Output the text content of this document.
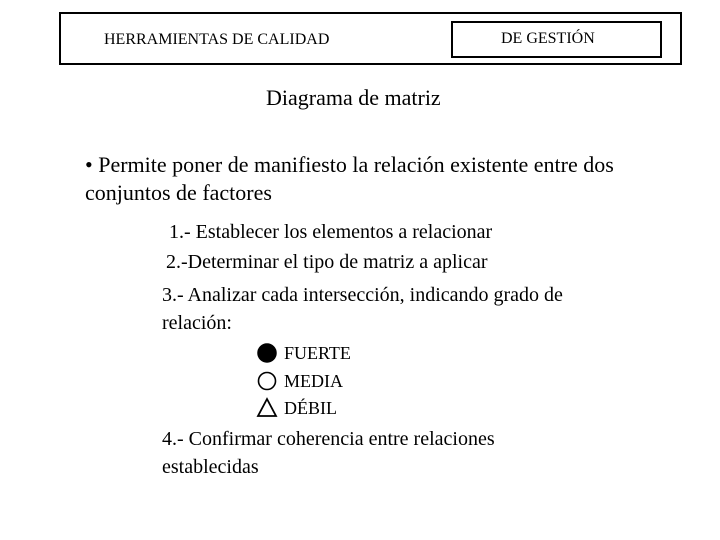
HERRAMIENTAS DE CALIDAD	DE GESTIÓN
Diagrama de matriz
• Permite poner de manifiesto la relación existente entre dos conjuntos de factores
1.- Establecer los elementos a relacionar
2.-Determinar el tipo de matriz a aplicar
3.- Analizar cada intersección, indicando grado de relación:
FUERTE
MEDIA
DÉBIL
4.- Confirmar coherencia entre relaciones establecidas
